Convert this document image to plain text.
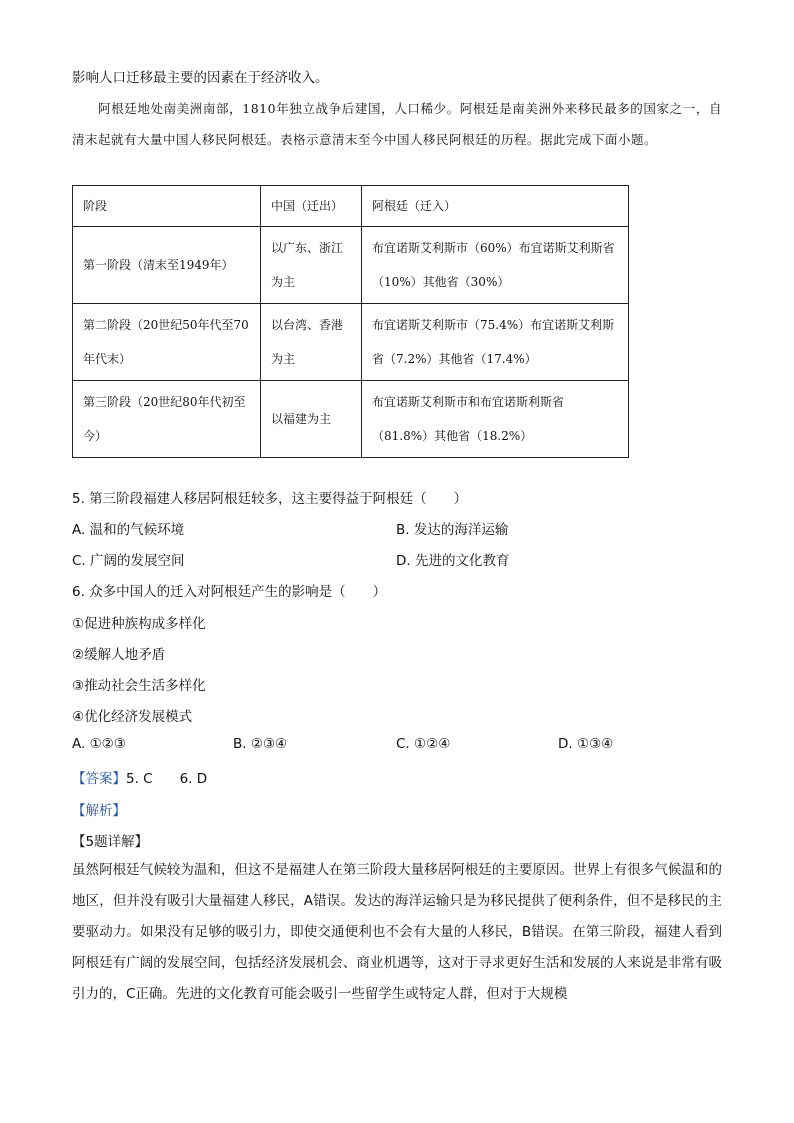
影响人口迁移最主要的因素在于经济收入。
阿根廷地处南美洲南部，1810年独立战争后建国，人口稀少。阿根廷是南美洲外来移民最多的国家之一，自清末起就有大量中国人移民阿根廷。表格示意清末至今中国人移民阿根廷的历程。据此完成下面小题。
阶段	中国（迁出）	阿根廷（迁入）
第一阶段（清末至1949年）	以广东、浙江为主	布宜诺斯艾利斯市（60%）布宜诺斯艾利斯省（10%）其他省（30%）
第二阶段（20世纪50年代至70年代末）	以台湾、香港为主	布宜诺斯艾利斯市（75.4%）布宜诺斯艾利斯省（7.2%）其他省（17.4%）
第三阶段（20世纪80年代初至今）	以福建为主	布宜诺斯艾利斯市和布宜诺斯利斯省（81.8%）其他省（18.2%）
5. 第三阶段福建人移居阿根廷较多，这主要得益于阿根廷（　　）
A. 温和的气候环境	B. 发达的海洋运输
C. 广阔的发展空间	D. 先进的文化教育
6. 众多中国人的迁入对阿根廷产生的影响是（　　）
①促进种族构成多样化
②缓解人地矛盾
③推动社会生活多样化
④优化经济发展模式
A. ①②③	B. ②③④	C. ①②④	D. ①③④
【答案】5. C　　6. D
【解析】
【5题详解】
虽然阿根廷气候较为温和，但这不是福建人在第三阶段大量移居阿根廷的主要原因。世界上有很多气候温和的地区，但并没有吸引大量福建人移民，A错误。发达的海洋运输只是为移民提供了便利条件，但不是移民的主要驱动力。如果没有足够的吸引力，即使交通便利也不会有大量的人移民，B错误。在第三阶段，福建人看到阿根廷有广阔的发展空间，包括经济发展机会、商业机遇等，这对于寻求更好生活和发展的人来说是非常有吸引力的，C正确。先进的文化教育可能会吸引一些留学生或特定人群，但对于大规模
